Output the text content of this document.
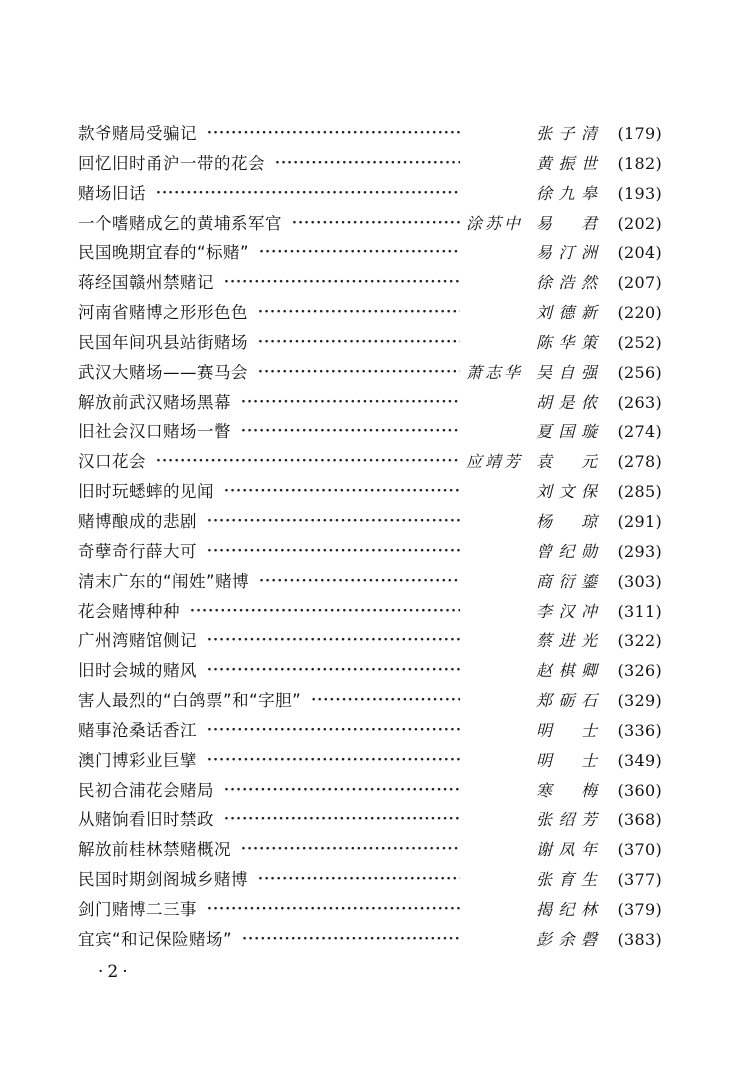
款爷赌局受骗记 ·····	张子清	(179)
回忆旧时甬沪一带的花会 ·····	黄振世	(182)
赌场旧话 ·····	徐九皋	(193)
一个嗜赌成乞的黄埔系军官 ·····	涂苏中 易君	(202)
民国晚期宜春的“标赌” ·····	易汀洲	(204)
蒋经国赣州禁赌记 ·····	徐浩然	(207)
河南省赌博之形形色色 ·····	刘德新	(220)
民国年间巩县站街赌场 ·····	陈华策	(252)
武汉大赌场——赛马会 ·····	萧志华 吴自强	(256)
解放前武汉赌场黑幕 ·····	胡是侬	(263)
旧社会汉口赌场一瞥 ·····	夏国璇	(274)
汉口花会 ·····	应靖芳 袁元	(278)
旧时玩蟋蟀的见闻 ·····	刘文保	(285)
赌博酿成的悲剧 ·····	杨琼	(291)
奇孽奇行薛大可 ·····	曾纪勋	(293)
清末广东的“闱姓”赌博 ·····	商衍鎏	(303)
花会赌博种种 ·····	李汉冲	(311)
广州湾赌馆侧记 ·····	蔡进光	(322)
旧时会城的赌风 ·····	赵棋卿	(326)
害人最烈的“白鸽票”和“字胆” ·····	郑砺石	(329)
赌事沧桑话香江 ·····	明士	(336)
澳门博彩业巨擘 ·····	明士	(349)
民初合浦花会赌局 ·····	寒梅	(360)
从赌饷看旧时禁政 ·····	张绍芳	(368)
解放前桂林禁赌概况 ·····	谢凤年	(370)
民国时期剑阁城乡赌博 ·····	张育生	(377)
剑门赌博二三事 ·····	揭纪林	(379)
宜宾“和记保险赌场” ·····	彭余磬	(383)
·2·
